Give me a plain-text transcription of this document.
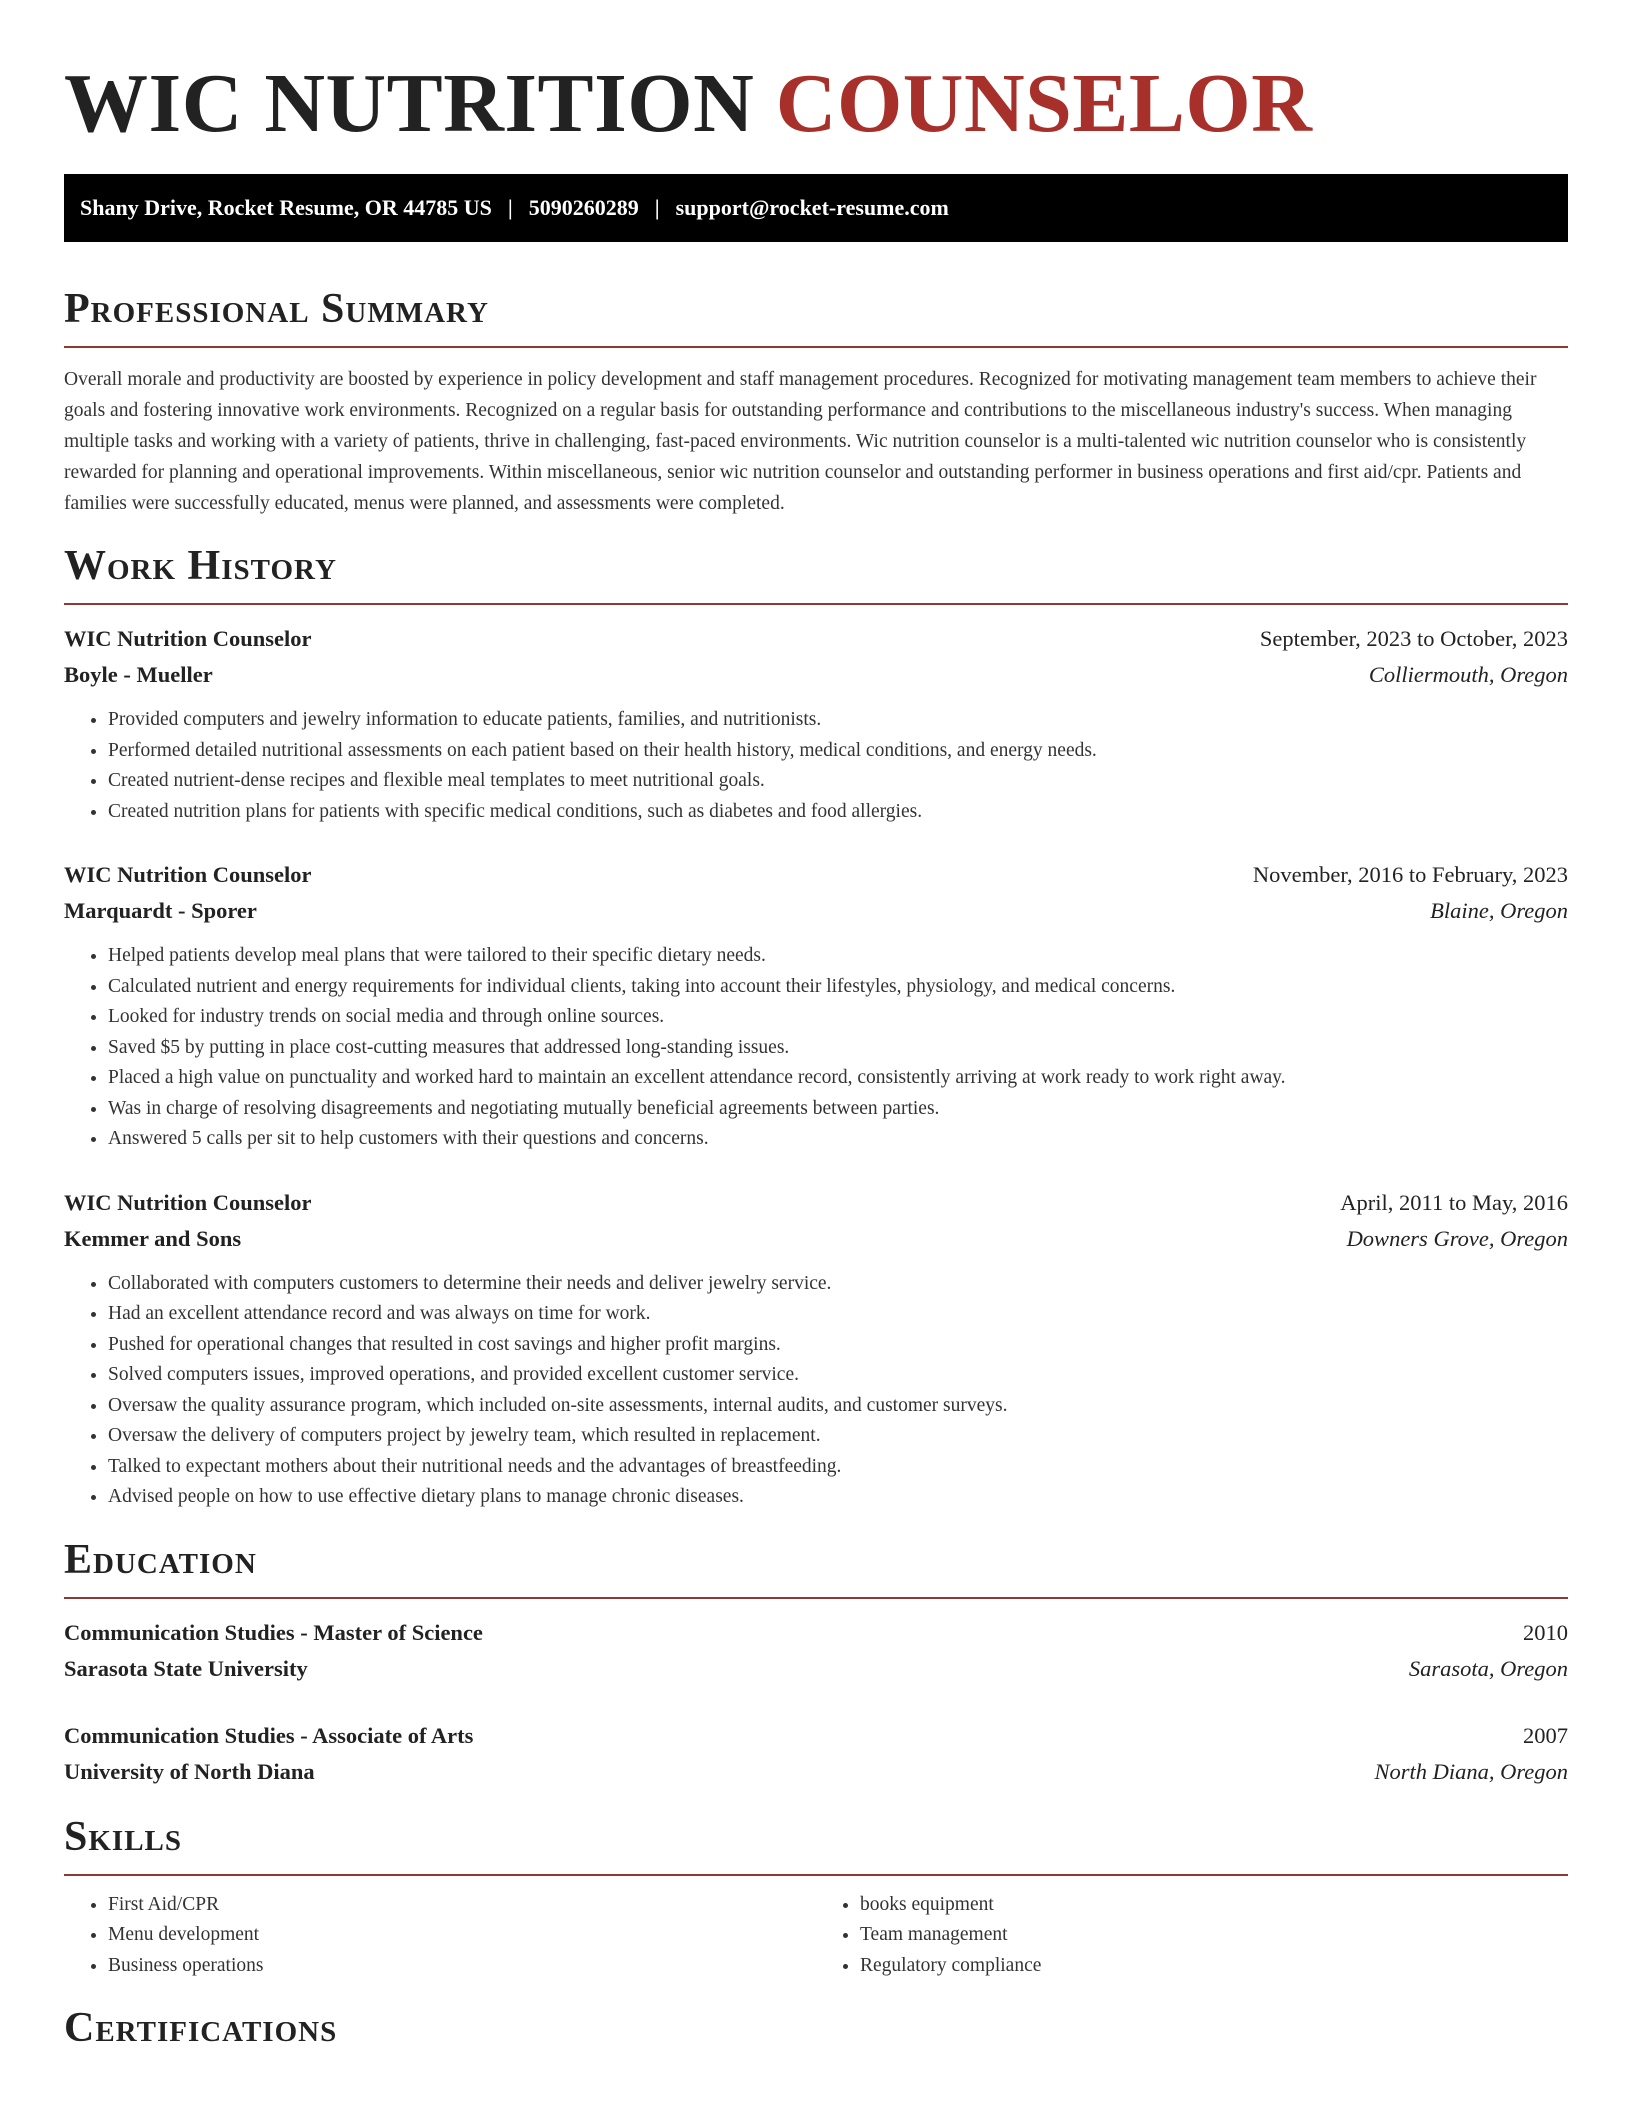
WIC NUTRITION COUNSELOR
Shany Drive, Rocket Resume, OR 44785 US | 5090260289 | support@rocket-resume.com
Professional Summary
Overall morale and productivity are boosted by experience in policy development and staff management procedures. Recognized for motivating management team members to achieve their goals and fostering innovative work environments. Recognized on a regular basis for outstanding performance and contributions to the miscellaneous industry's success. When managing multiple tasks and working with a variety of patients, thrive in challenging, fast-paced environments. Wic nutrition counselor is a multi-talented wic nutrition counselor who is consistently rewarded for planning and operational improvements. Within miscellaneous, senior wic nutrition counselor and outstanding performer in business operations and first aid/cpr. Patients and families were successfully educated, menus were planned, and assessments were completed.
Work History
WIC Nutrition Counselor	September, 2023 to October, 2023
Boyle - Mueller	Colliermouth, Oregon
• Provided computers and jewelry information to educate patients, families, and nutritionists.
• Performed detailed nutritional assessments on each patient based on their health history, medical conditions, and energy needs.
• Created nutrient-dense recipes and flexible meal templates to meet nutritional goals.
• Created nutrition plans for patients with specific medical conditions, such as diabetes and food allergies.
WIC Nutrition Counselor	November, 2016 to February, 2023
Marquardt - Sporer	Blaine, Oregon
• Helped patients develop meal plans that were tailored to their specific dietary needs.
• Calculated nutrient and energy requirements for individual clients, taking into account their lifestyles, physiology, and medical concerns.
• Looked for industry trends on social media and through online sources.
• Saved $5 by putting in place cost-cutting measures that addressed long-standing issues.
• Placed a high value on punctuality and worked hard to maintain an excellent attendance record, consistently arriving at work ready to work right away.
• Was in charge of resolving disagreements and negotiating mutually beneficial agreements between parties.
• Answered 5 calls per sit to help customers with their questions and concerns.
WIC Nutrition Counselor	April, 2011 to May, 2016
Kemmer and Sons	Downers Grove, Oregon
• Collaborated with computers customers to determine their needs and deliver jewelry service.
• Had an excellent attendance record and was always on time for work.
• Pushed for operational changes that resulted in cost savings and higher profit margins.
• Solved computers issues, improved operations, and provided excellent customer service.
• Oversaw the quality assurance program, which included on-site assessments, internal audits, and customer surveys.
• Oversaw the delivery of computers project by jewelry team, which resulted in replacement.
• Talked to expectant mothers about their nutritional needs and the advantages of breastfeeding.
• Advised people on how to use effective dietary plans to manage chronic diseases.
Education
Communication Studies - Master of Science	2010
Sarasota State University	Sarasota, Oregon
Communication Studies - Associate of Arts	2007
University of North Diana	North Diana, Oregon
Skills
• First Aid/CPR
• Menu development
• Business operations
• books equipment
• Team management
• Regulatory compliance
Certifications
